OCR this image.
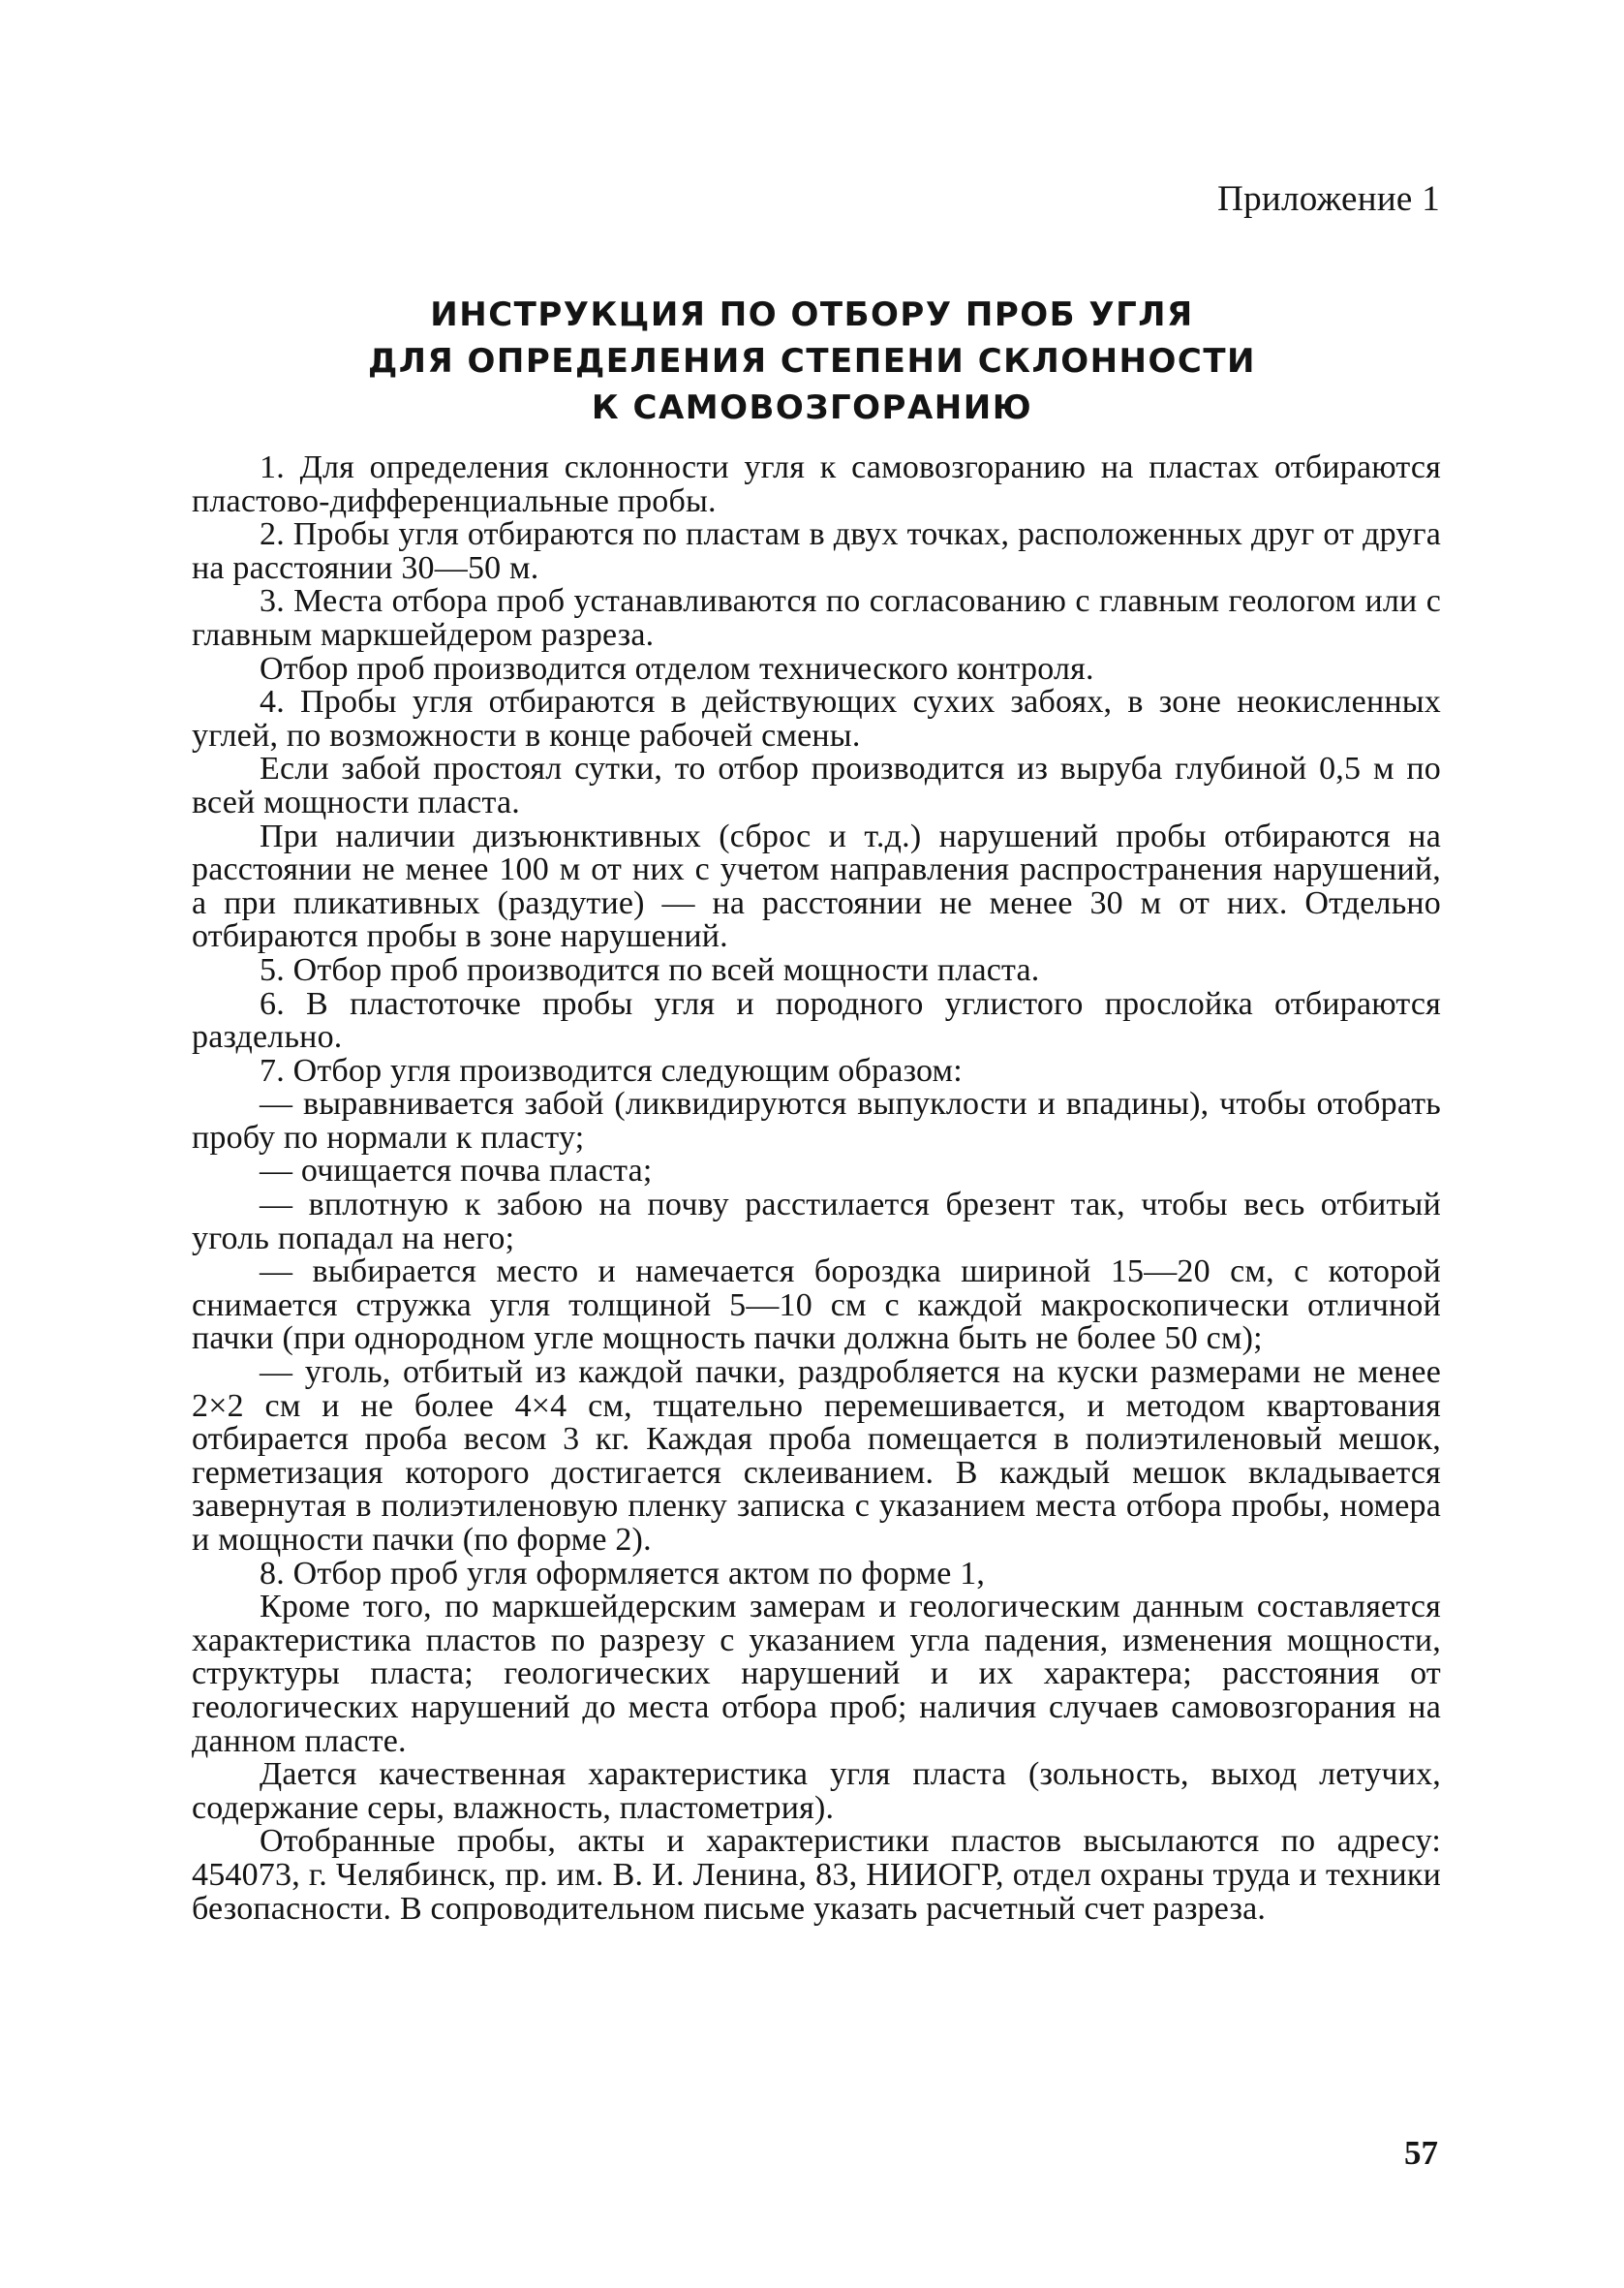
Приложение 1
ИНСТРУКЦИЯ ПО ОТБОРУ ПРОБ УГЛЯ
ДЛЯ ОПРЕДЕЛЕНИЯ СТЕПЕНИ СКЛОННОСТИ
К САМОВОЗГОРАНИЮ

1. Для определения склонности угля к самовозгоранию на пластах отбираются пластово-дифференциальные пробы.

2. Пробы угля отбираются по пластам в двух точках, расположенных друг от друга на расстоянии 30—50 м.

3. Места отбора проб устанавливаются по согласованию с главным геологом или с главным маркшейдером разреза.

Отбор проб производится отделом технического контроля.

4. Пробы угля отбираются в действующих сухих забоях, в зоне неокисленных углей, по возможности в конце рабочей смены.

Если забой простоял сутки, то отбор производится из выруба глубиной 0,5 м по всей мощности пласта.

При наличии дизъюнктивных (сброс и т.д.) нарушений пробы отбираются на расстоянии не менее 100 м от них с учетом направления распространения нарушений, а при пликативных (раздутие) — на расстоянии не менее 30 м от них. Отдельно отбираются пробы в зоне нарушений.

5. Отбор проб производится по всей мощности пласта.

6. В пластоточке пробы угля и породного углистого прослойка отбираются раздельно.

7. Отбор угля производится следующим образом:

— выравнивается забой (ликвидируются выпуклости и впадины), чтобы отобрать пробу по нормали к пласту;

— очищается почва пласта;

— вплотную к забою на почву расстилается брезент так, чтобы весь отбитый уголь попадал на него;

— выбирается место и намечается бороздка шириной 15—20 см, с которой снимается стружка угля толщиной 5—10 см с каждой макроскопически отличной пачки (при однородном угле мощность пачки должна быть не более 50 см);

— уголь, отбитый из каждой пачки, раздробляется на куски размерами не менее 2×2 см и не более 4×4 см, тщательно перемешивается, и методом квартования отбирается проба весом 3 кг. Каждая проба помещается в полиэтиленовый мешок, герметизация которого достигается склеиванием. В каждый мешок вкладывается завернутая в полиэтиленовую пленку записка с указанием места отбора пробы, номера и мощности пачки (по форме 2).

8. Отбор проб угля оформляется актом по форме 1,

Кроме того, по маркшейдерским замерам и геологическим данным составляется характеристика пластов по разрезу с указанием угла падения, изменения мощности, структуры пласта; геологических нарушений и их характера; расстояния от геологических нарушений до места отбора проб; наличия случаев самовозгорания на данном пласте.

Дается качественная характеристика угля пласта (зольность, выход летучих, содержание серы, влажность, пластометрия).

Отобранные пробы, акты и характеристики пластов высылаются по адресу: 454073, г. Челябинск, пр. им. В. И. Ленина, 83, НИИОГР, отдел охраны труда и техники безопасности. В сопроводительном письме указать расчетный счет разреза.

57
